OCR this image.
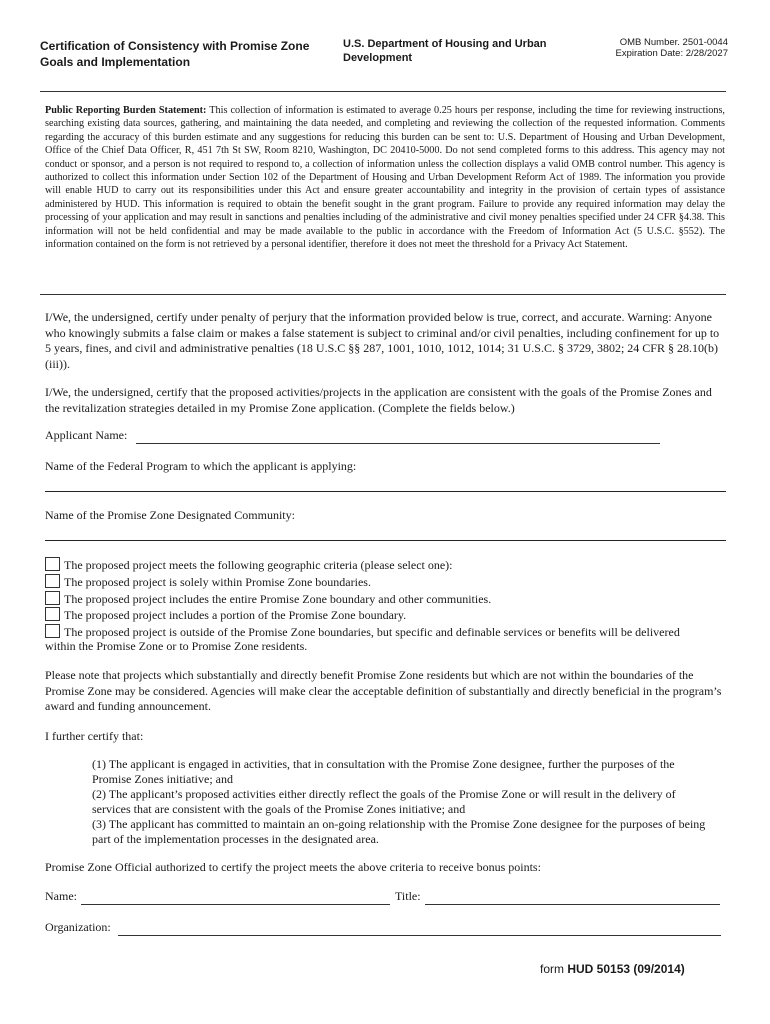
Certification of Consistency with Promise Zone Goals and Implementation
U.S. Department of Housing and Urban Development
OMB Number. 2501-0044
Expiration Date: 2/28/2027
Public Reporting Burden Statement: This collection of information is estimated to average 0.25 hours per response, including the time for reviewing instructions, searching existing data sources, gathering, and maintaining the data needed, and completing and reviewing the collection of the requested information. Comments regarding the accuracy of this burden estimate and any suggestions for reducing this burden can be sent to: U.S. Department of Housing and Urban Development, Office of the Chief Data Officer, R, 451 7th St SW, Room 8210, Washington, DC 20410-5000. Do not send completed forms to this address. This agency may not conduct or sponsor, and a person is not required to respond to, a collection of information unless the collection displays a valid OMB control number. This agency is authorized to collect this information under Section 102 of the Department of Housing and Urban Development Reform Act of 1989. The information you provide will enable HUD to carry out its responsibilities under this Act and ensure greater accountability and integrity in the provision of certain types of assistance administered by HUD. This information is required to obtain the benefit sought in the grant program. Failure to provide any required information may delay the processing of your application and may result in sanctions and penalties including of the administrative and civil money penalties specified under 24 CFR §4.38. This information will not be held confidential and may be made available to the public in accordance with the Freedom of Information Act (5 U.S.C. §552). The information contained on the form is not retrieved by a personal identifier, therefore it does not meet the threshold for a Privacy Act Statement.
I/We, the undersigned, certify under penalty of perjury that the information provided below is true, correct, and accurate. Warning: Anyone who knowingly submits a false claim or makes a false statement is subject to criminal and/or civil penalties, including confinement for up to 5 years, fines, and civil and administrative penalties (18 U.S.C §§ 287, 1001, 1010, 1012, 1014; 31 U.S.C. § 3729, 3802; 24 CFR § 28.10(b)(iii)).
I/We, the undersigned, certify that the proposed activities/projects in the application are consistent with the goals of the Promise Zones and the revitalization strategies detailed in my Promise Zone application. (Complete the fields below.)
Applicant Name:
Name of the Federal Program to which the applicant is applying:
Name of the Promise Zone Designated Community:
The proposed project meets the following geographic criteria (please select one):
The proposed project is solely within Promise Zone boundaries.
The proposed project includes the entire Promise Zone boundary and other communities.
The proposed project includes a portion of the Promise Zone boundary.
The proposed project is outside of the Promise Zone boundaries, but specific and definable services or benefits will be delivered
within the Promise Zone or to Promise Zone residents.
Please note that projects which substantially and directly benefit Promise Zone residents but which are not within the boundaries of the Promise Zone may be considered. Agencies will make clear the acceptable definition of substantially and directly beneficial in the program’s award and funding announcement.
I further certify that:
(1) The applicant is engaged in activities, that in consultation with the Promise Zone designee, further the purposes of the Promise Zones initiative; and
(2) The applicant’s proposed activities either directly reflect the goals of the Promise Zone or will result in the delivery of services that are consistent with the goals of the Promise Zones initiative; and
(3) The applicant has committed to maintain an on-going relationship with the Promise Zone designee for the purposes of being part of the implementation processes in the designated area.
Promise Zone Official authorized to certify the project meets the above criteria to receive bonus points:
Name:	Title:
Organization:
form HUD 50153 (09/2014)
